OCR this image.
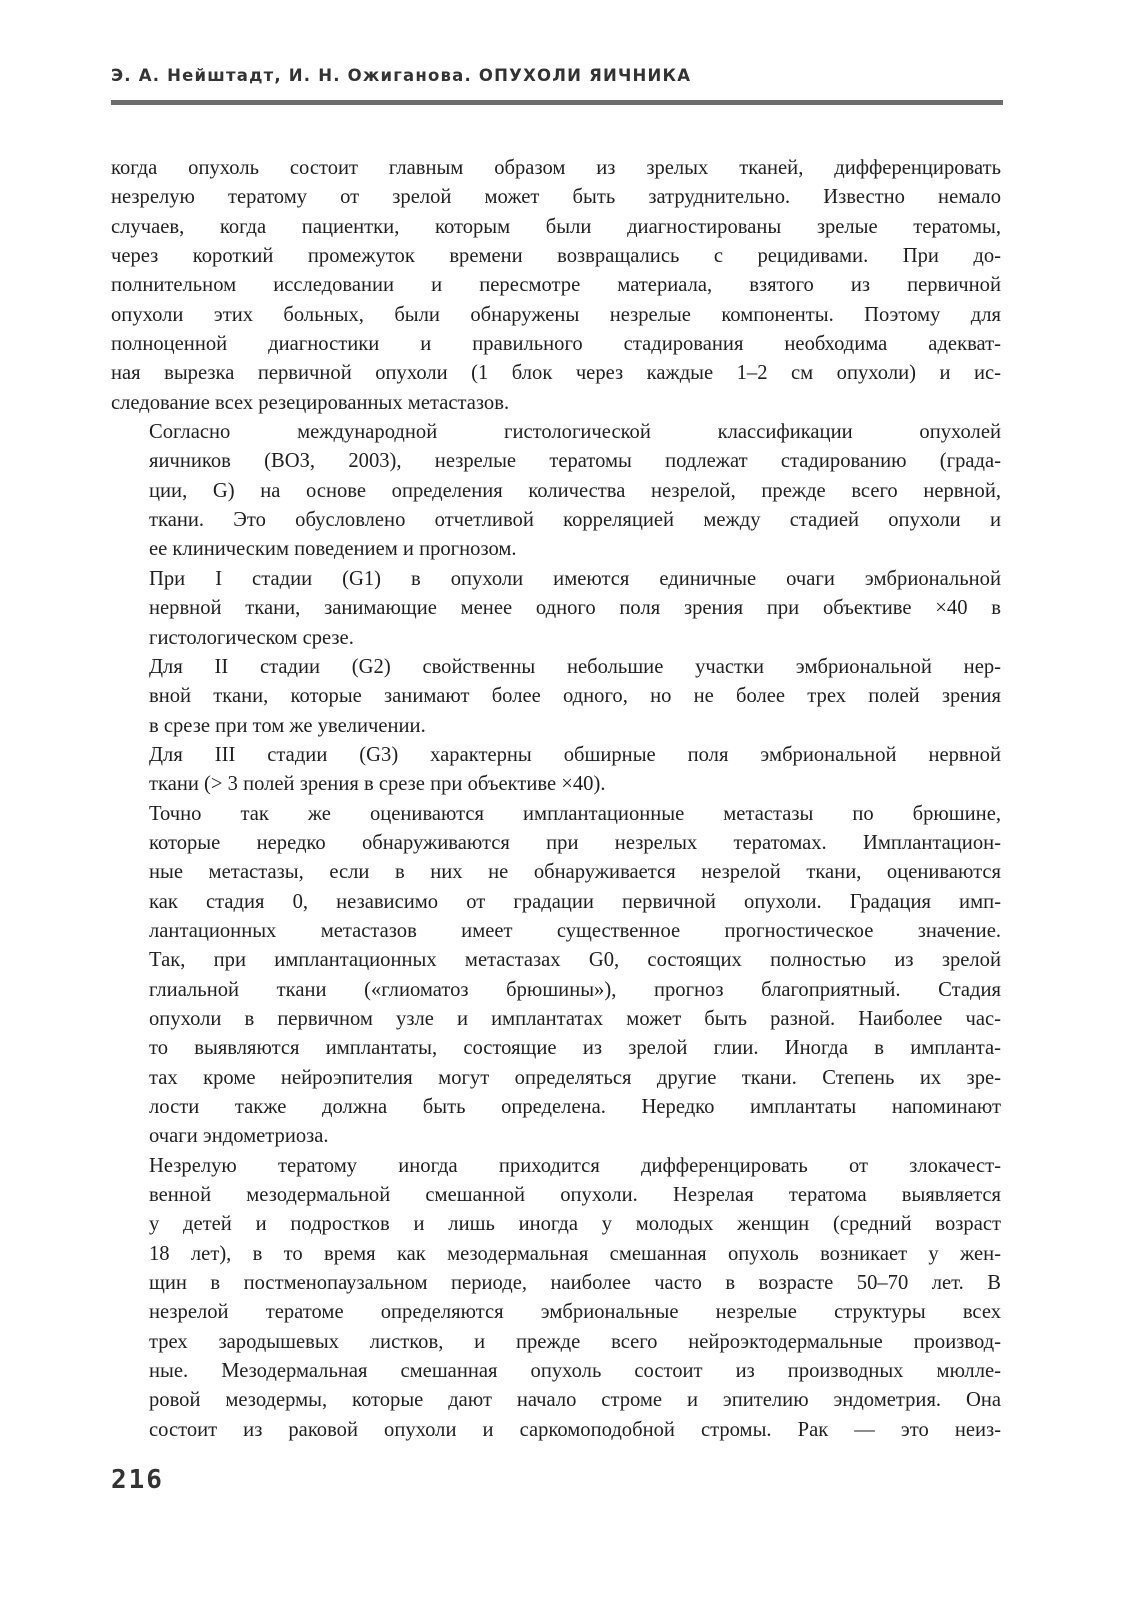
Э. А. Нейштадт, И. Н. Ожиганова. ОПУХОЛИ ЯИЧНИКА

когда опухоль состоит главным образом из зрелых тканей, дифференцировать
незрелую тератому от зрелой может быть затруднительно. Известно немало
случаев, когда пациентки, которым были диагностированы зрелые тератомы,
через короткий промежуток времени возвращались с рецидивами. При до-
полнительном исследовании и пересмотре материала, взятого из первичной
опухоли этих больных, были обнаружены незрелые компоненты. Поэтому для
полноценной диагностики и правильного стадирования необходима адекват-
ная вырезка первичной опухоли (1 блок через каждые 1–2 см опухоли) и ис-
следование всех резецированных метастазов.

Согласно международной гистологической классификации опухолей
яичников (ВОЗ, 2003), незрелые тератомы подлежат стадированию (града-
ции, G) на основе определения количества незрелой, прежде всего нервной,
ткани. Это обусловлено отчетливой корреляцией между стадией опухоли и
ее клиническим поведением и прогнозом.

При I стадии (G1) в опухоли имеются единичные очаги эмбриональной
нервной ткани, занимающие менее одного поля зрения при объективе ×40 в
гистологическом срезе.

Для II стадии (G2) свойственны небольшие участки эмбриональной нер-
вной ткани, которые занимают более одного, но не более трех полей зрения
в срезе при том же увеличении.

Для III стадии (G3) характерны обширные поля эмбриональной нервной
ткани (> 3 полей зрения в срезе при объективе ×40).

Точно так же оцениваются имплантационные метастазы по брюшине,
которые нередко обнаруживаются при незрелых тератомах. Имплантацион-
ные метастазы, если в них не обнаруживается незрелой ткани, оцениваются
как стадия 0, независимо от градации первичной опухоли. Градация имп-
лантационных метастазов имеет существенное прогностическое значение.
Так, при имплантационных метастазах G0, состоящих полностью из зрелой
глиальной ткани («глиоматоз брюшины»), прогноз благоприятный. Стадия
опухоли в первичном узле и имплантатах может быть разной. Наиболее час-
то выявляются имплантаты, состоящие из зрелой глии. Иногда в импланта-
тах кроме нейроэпителия могут определяться другие ткани. Степень их зре-
лости также должна быть определена. Нередко имплантаты напоминают
очаги эндометриоза.

Незрелую тератому иногда приходится дифференцировать от злокачест-
венной мезодермальной смешанной опухоли. Незрелая тератома выявляется
у детей и подростков и лишь иногда у молодых женщин (средний возраст
18 лет), в то время как мезодермальная смешанная опухоль возникает у жен-
щин в постменопаузальном периоде, наиболее часто в возрасте 50–70 лет. В
незрелой тератоме определяются эмбриональные незрелые структуры всех
трех зародышевых листков, и прежде всего нейроэктодермальные производ-
ные. Мезодермальная смешанная опухоль состоит из производных мюлле-
ровой мезодермы, которые дают начало строме и эпителию эндометрия. Она
состоит из раковой опухоли и саркомоподобной стромы. Рак — это неиз-

216
